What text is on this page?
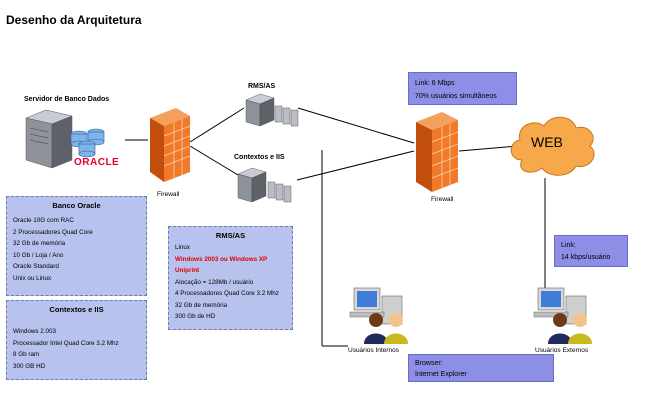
Desenho da Arquitetura
ORACLE
Servidor de Banco Dados
Firewall
RMS/AS
Contextos e IIS
Firewall
WEB
Usuários Internos	Usuários Externos
Banco Oracle
Oracle 10G com RAC
2 Processadores Quad Core
32 Gb de memória
10 Gb / Loja / Ano
Oracle Standard
Unix ou Linux
Contextos e IIS
Windows 2.003
Processador Intel Quad Core 3.2 Mhz
8 Gb ram
300 GB HD
RMS/AS
Linux
Windows 2003 ou Windows XP
Uniprint
Alocação = 128Mb / usuário
4 Processadores Quad Core 3.2 Mhz
32 Gb de memória
300 Gb de HD
Link: 6 Mbps
70% usuários simultâneos
Link:
14 kbps/usuário
Browser:
Internet Explorer
